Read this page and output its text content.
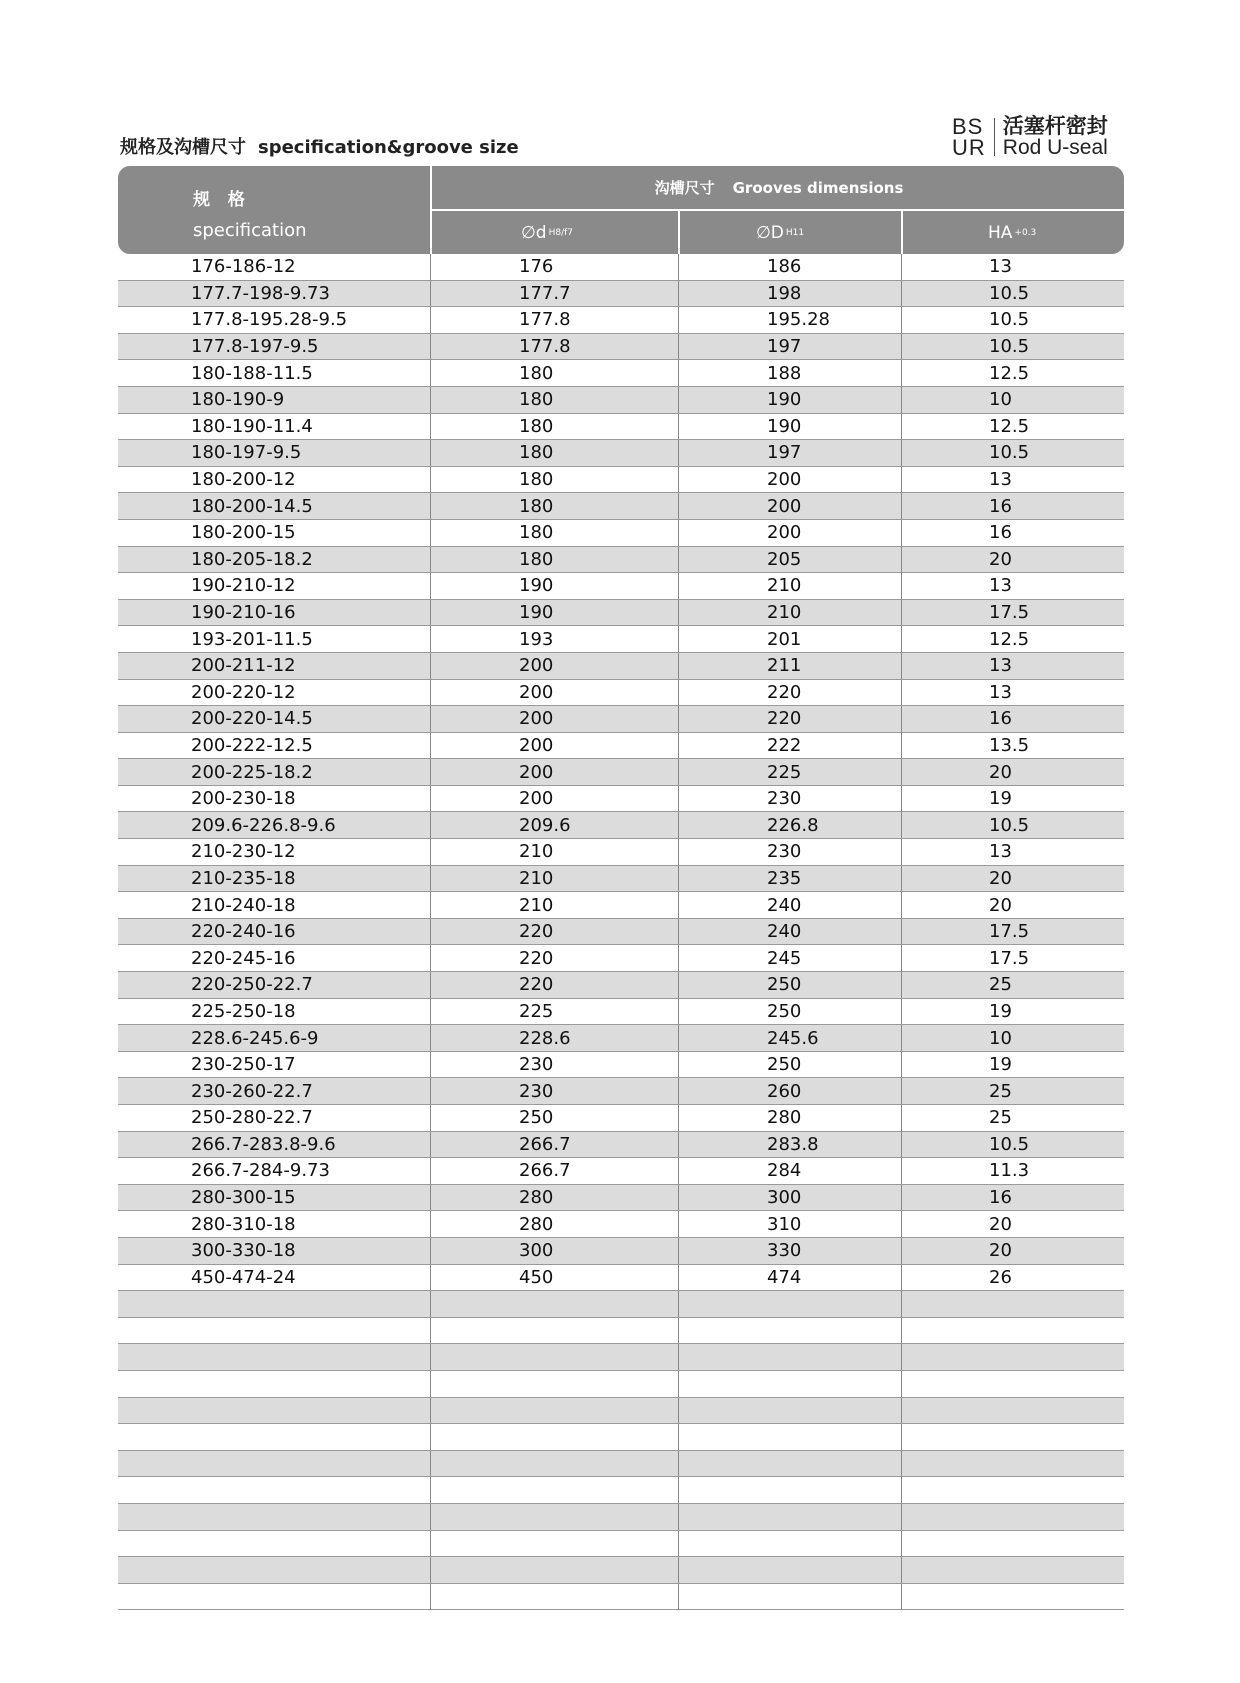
规格及沟槽尺寸 specification&groove size
BS
UR
活塞杆密封
Rod U-seal
规 格
specification
沟槽尺寸 Grooves dimensions
∅d H8/f7	∅D H11	HA +0.3
176-186-12	176	186	13
177.7-198-9.73	177.7	198	10.5
177.8-195.28-9.5	177.8	195.28	10.5
177.8-197-9.5	177.8	197	10.5
180-188-11.5	180	188	12.5
180-190-9	180	190	10
180-190-11.4	180	190	12.5
180-197-9.5	180	197	10.5
180-200-12	180	200	13
180-200-14.5	180	200	16
180-200-15	180	200	16
180-205-18.2	180	205	20
190-210-12	190	210	13
190-210-16	190	210	17.5
193-201-11.5	193	201	12.5
200-211-12	200	211	13
200-220-12	200	220	13
200-220-14.5	200	220	16
200-222-12.5	200	222	13.5
200-225-18.2	200	225	20
200-230-18	200	230	19
209.6-226.8-9.6	209.6	226.8	10.5
210-230-12	210	230	13
210-235-18	210	235	20
210-240-18	210	240	20
220-240-16	220	240	17.5
220-245-16	220	245	17.5
220-250-22.7	220	250	25
225-250-18	225	250	19
228.6-245.6-9	228.6	245.6	10
230-250-17	230	250	19
230-260-22.7	230	260	25
250-280-22.7	250	280	25
266.7-283.8-9.6	266.7	283.8	10.5
266.7-284-9.73	266.7	284	11.3
280-300-15	280	300	16
280-310-18	280	310	20
300-330-18	300	330	20
450-474-24	450	474	26
